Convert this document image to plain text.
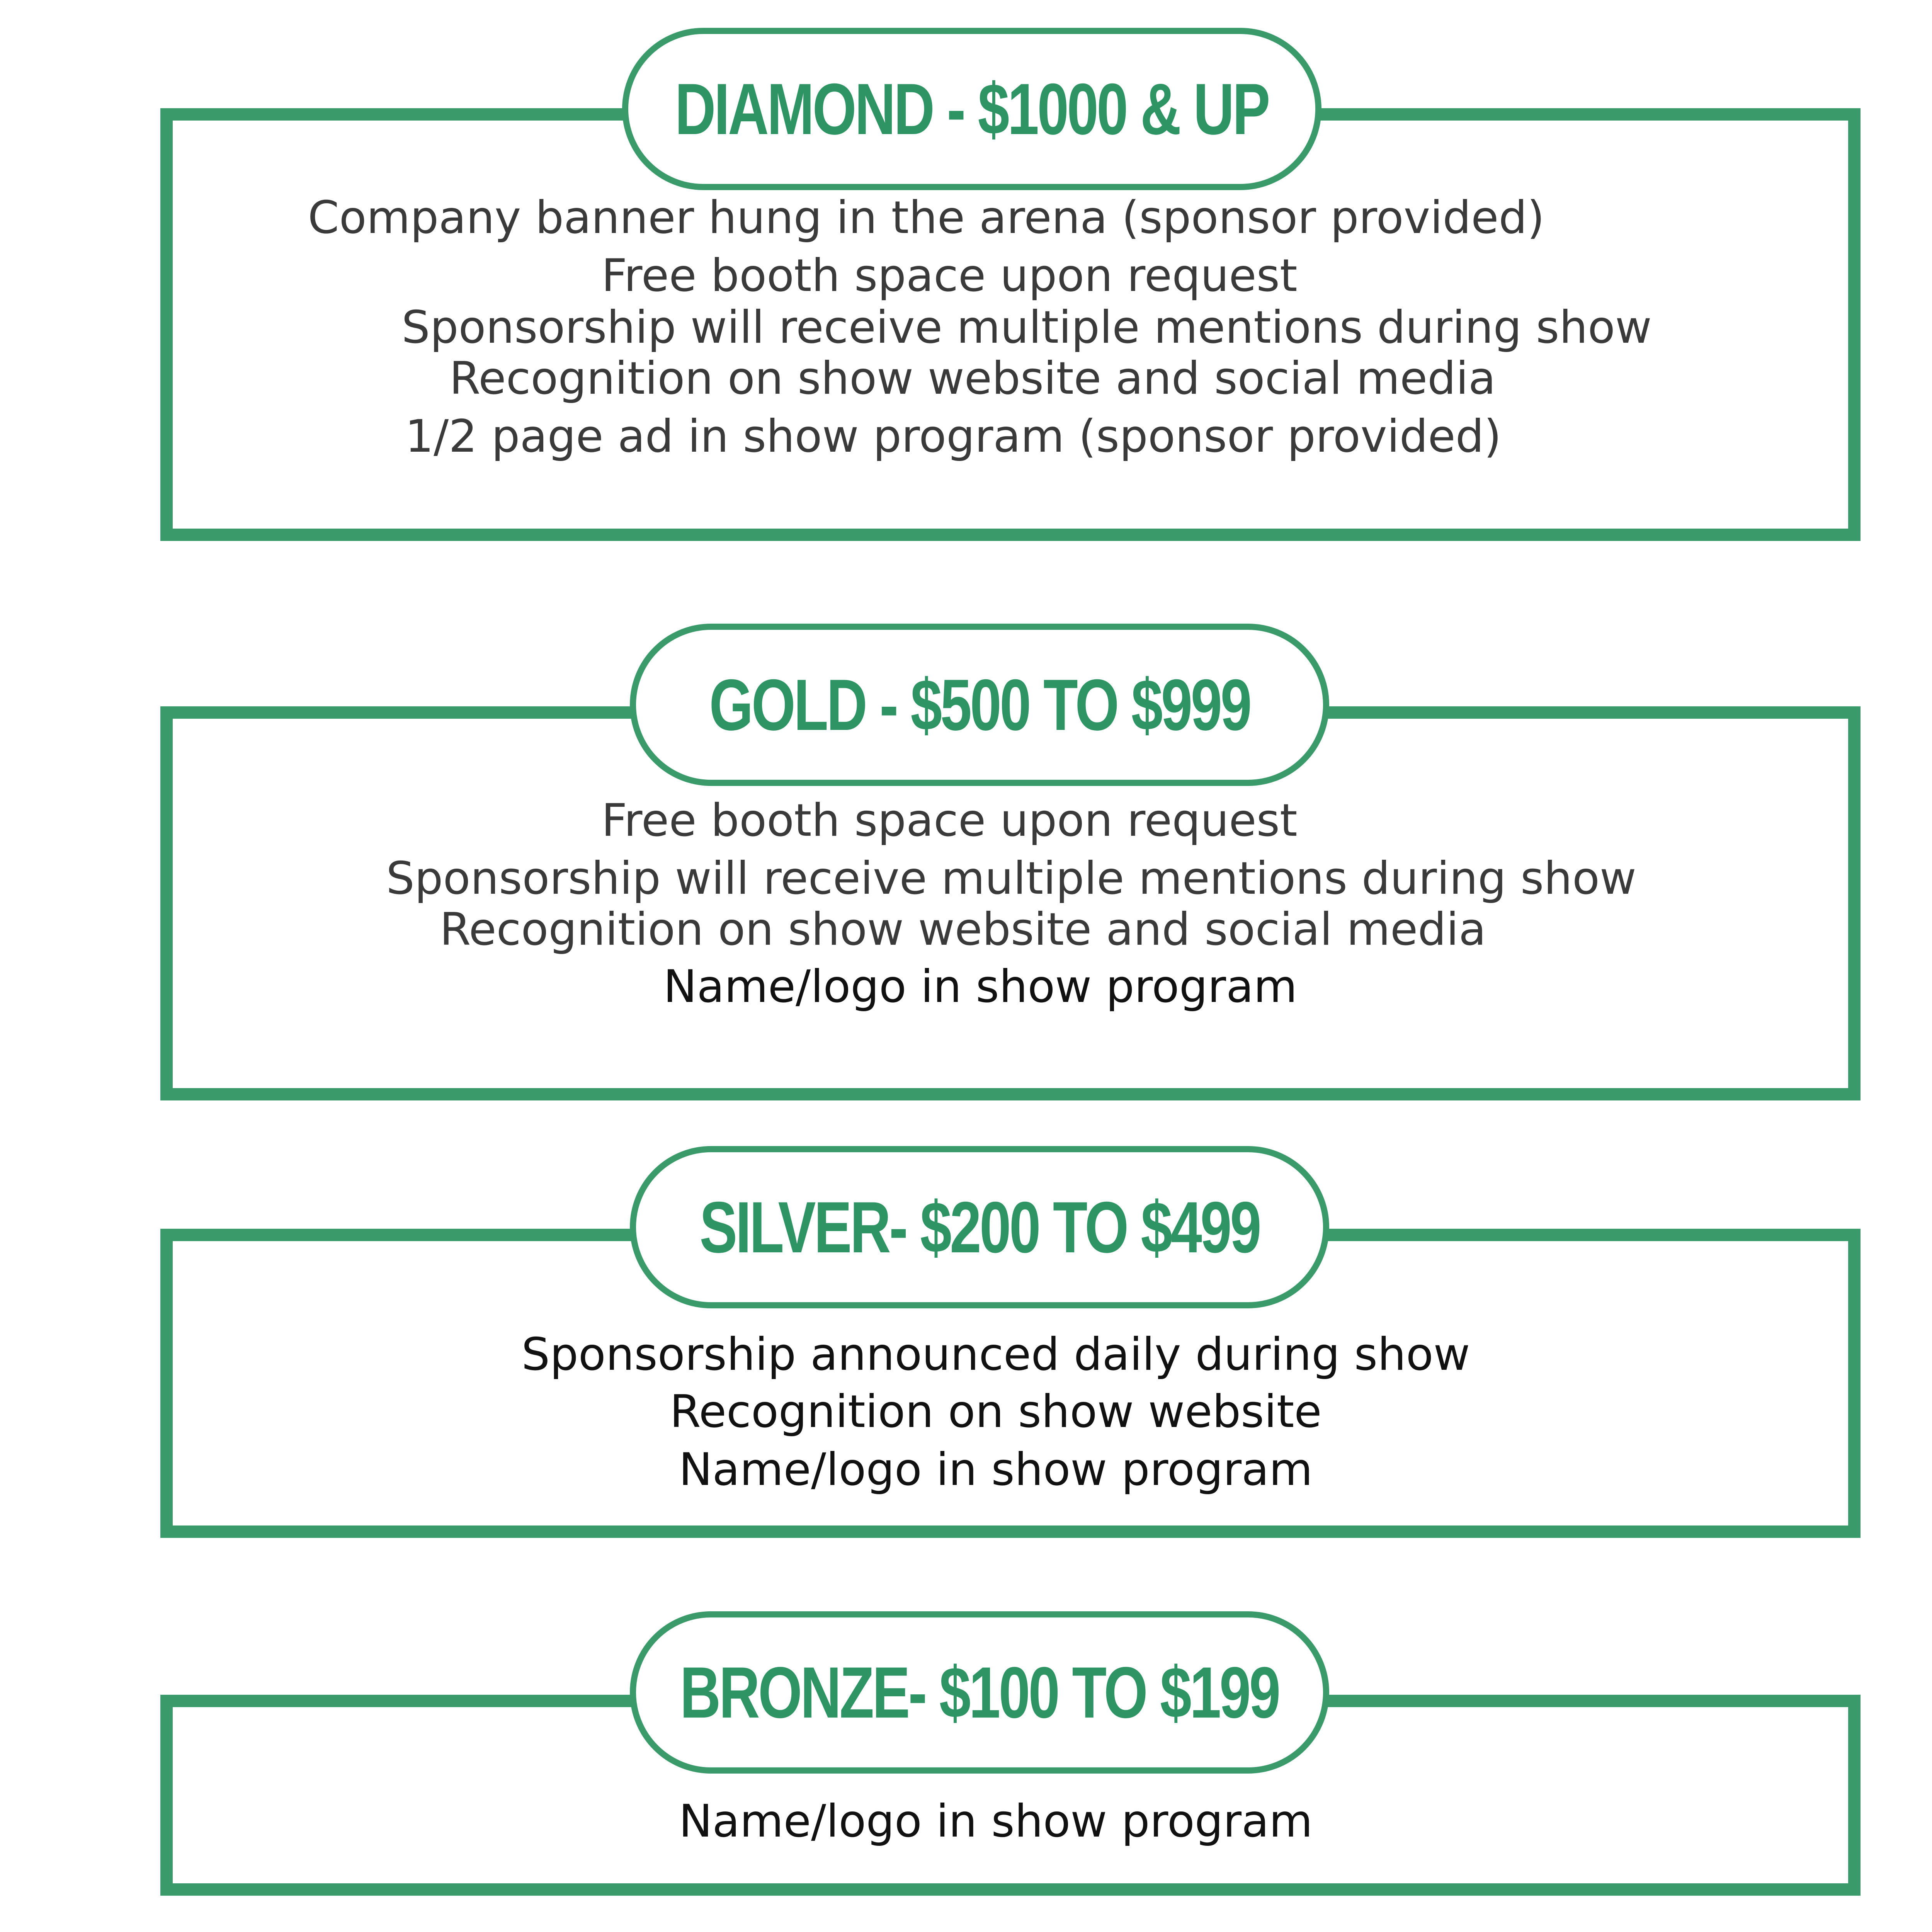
DIAMOND - $1000 & UP
Company banner hung in the arena (sponsor provided)
Free booth space upon request
Sponsorship will receive multiple mentions during show
Recognition on show website and social media
1/2 page ad in show program (sponsor provided)
GOLD - $500 TO $999
Free booth space upon request
Sponsorship will receive multiple mentions during show
Recognition on show website and social media
Name/logo in show program
SILVER- $200 TO $499
Sponsorship announced daily during show
Recognition on show website
Name/logo in show program
BRONZE- $100 TO $199
Name/logo in show program
